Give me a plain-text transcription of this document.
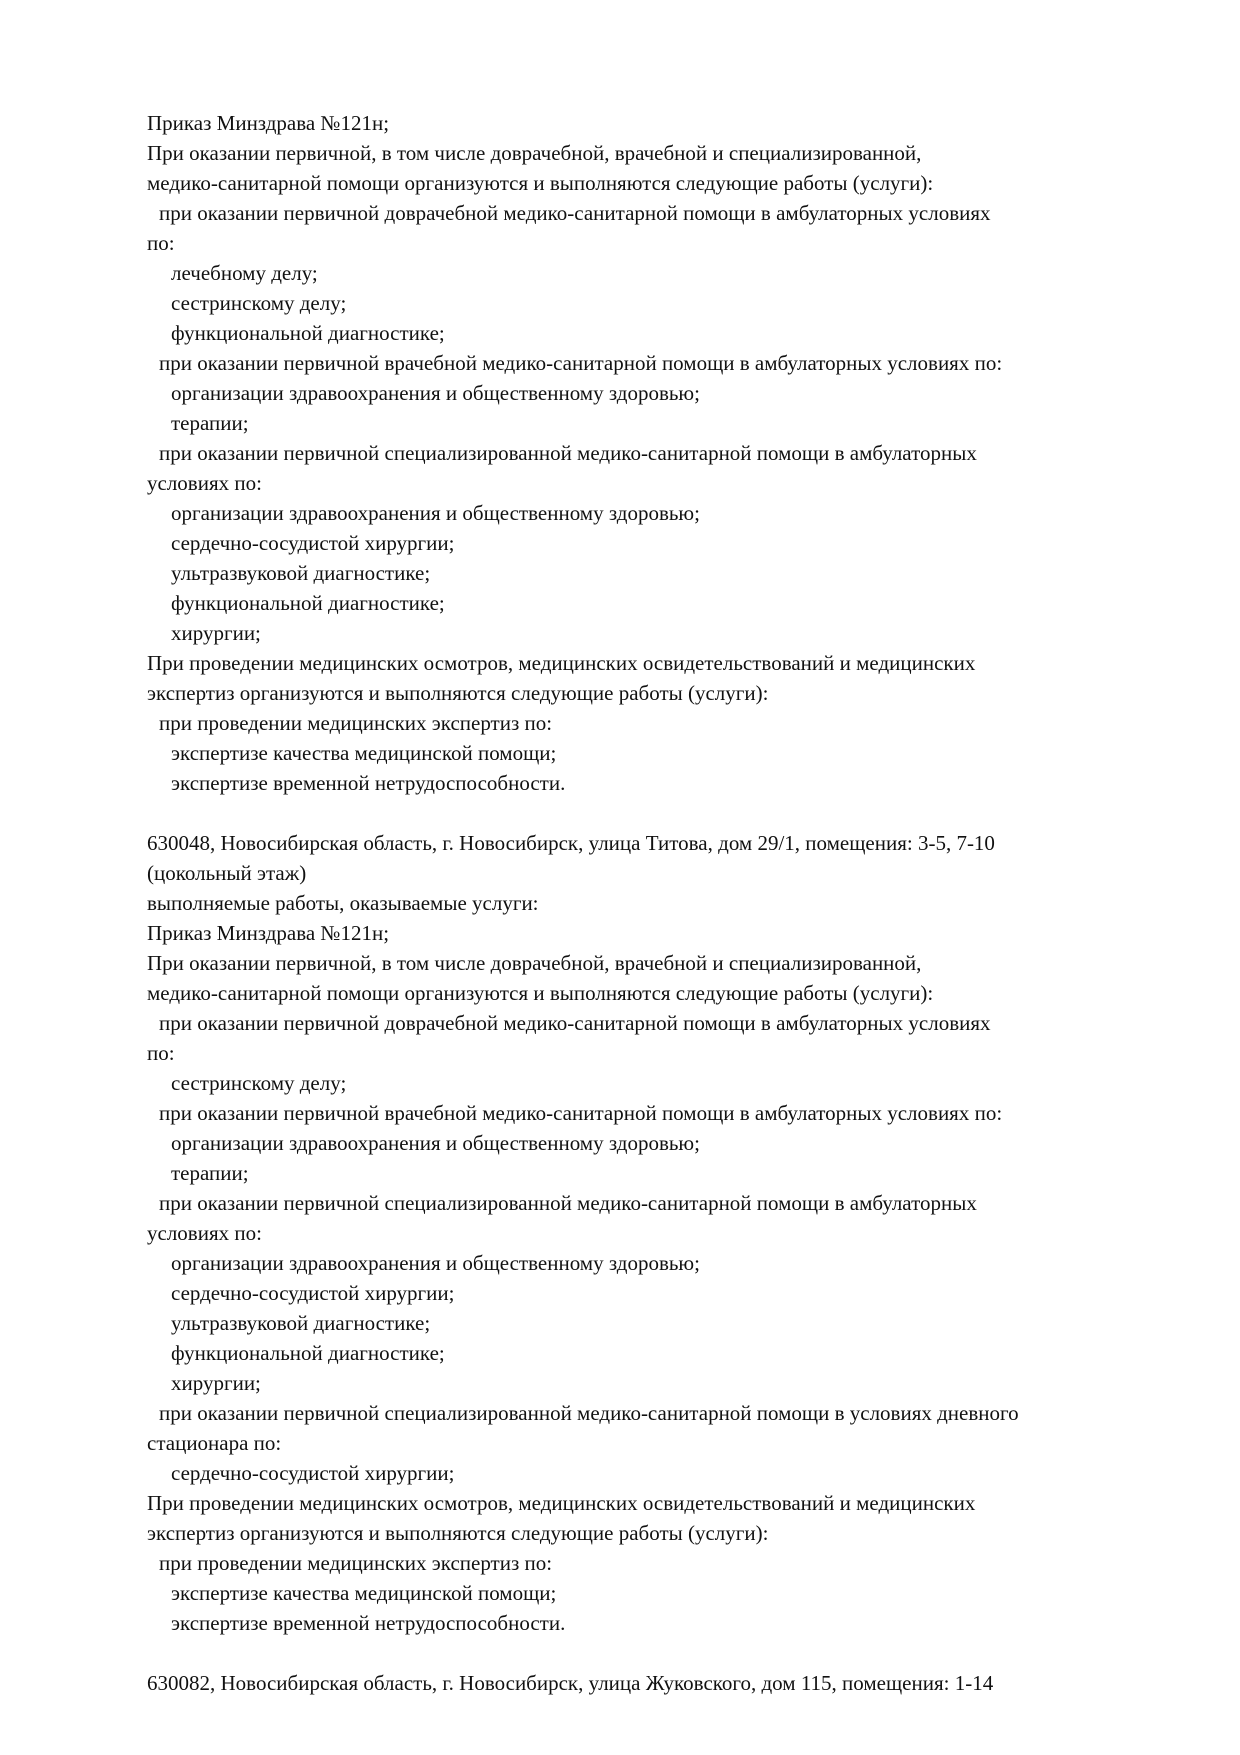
Приказ Минздрава №121н;
При оказании первичной, в том числе доврачебной, врачебной и специализированной,
медико-санитарной помощи организуются и выполняются следующие работы (услуги):
при оказании первичной доврачебной медико-санитарной помощи в амбулаторных условиях
по:
лечебному делу;
сестринскому делу;
функциональной диагностике;
при оказании первичной врачебной медико-санитарной помощи в амбулаторных условиях по:
организации здравоохранения и общественному здоровью;
терапии;
при оказании первичной специализированной медико-санитарной помощи в амбулаторных
условиях по:
организации здравоохранения и общественному здоровью;
сердечно-сосудистой хирургии;
ультразвуковой диагностике;
функциональной диагностике;
хирургии;
При проведении медицинских осмотров, медицинских освидетельствований и медицинских
экспертиз организуются и выполняются следующие работы (услуги):
при проведении медицинских экспертиз по:
экспертизе качества медицинской помощи;
экспертизе временной нетрудоспособности.
630048, Новосибирская область, г. Новосибирск, улица Титова, дом 29/1, помещения: 3-5, 7-10
(цокольный этаж)
выполняемые работы, оказываемые услуги:
Приказ Минздрава №121н;
При оказании первичной, в том числе доврачебной, врачебной и специализированной,
медико-санитарной помощи организуются и выполняются следующие работы (услуги):
при оказании первичной доврачебной медико-санитарной помощи в амбулаторных условиях
по:
сестринскому делу;
при оказании первичной врачебной медико-санитарной помощи в амбулаторных условиях по:
организации здравоохранения и общественному здоровью;
терапии;
при оказании первичной специализированной медико-санитарной помощи в амбулаторных
условиях по:
организации здравоохранения и общественному здоровью;
сердечно-сосудистой хирургии;
ультразвуковой диагностике;
функциональной диагностике;
хирургии;
при оказании первичной специализированной медико-санитарной помощи в условиях дневного
стационара по:
сердечно-сосудистой хирургии;
При проведении медицинских осмотров, медицинских освидетельствований и медицинских
экспертиз организуются и выполняются следующие работы (услуги):
при проведении медицинских экспертиз по:
экспертизе качества медицинской помощи;
экспертизе временной нетрудоспособности.
630082, Новосибирская область, г. Новосибирск, улица Жуковского, дом 115, помещения: 1-14
